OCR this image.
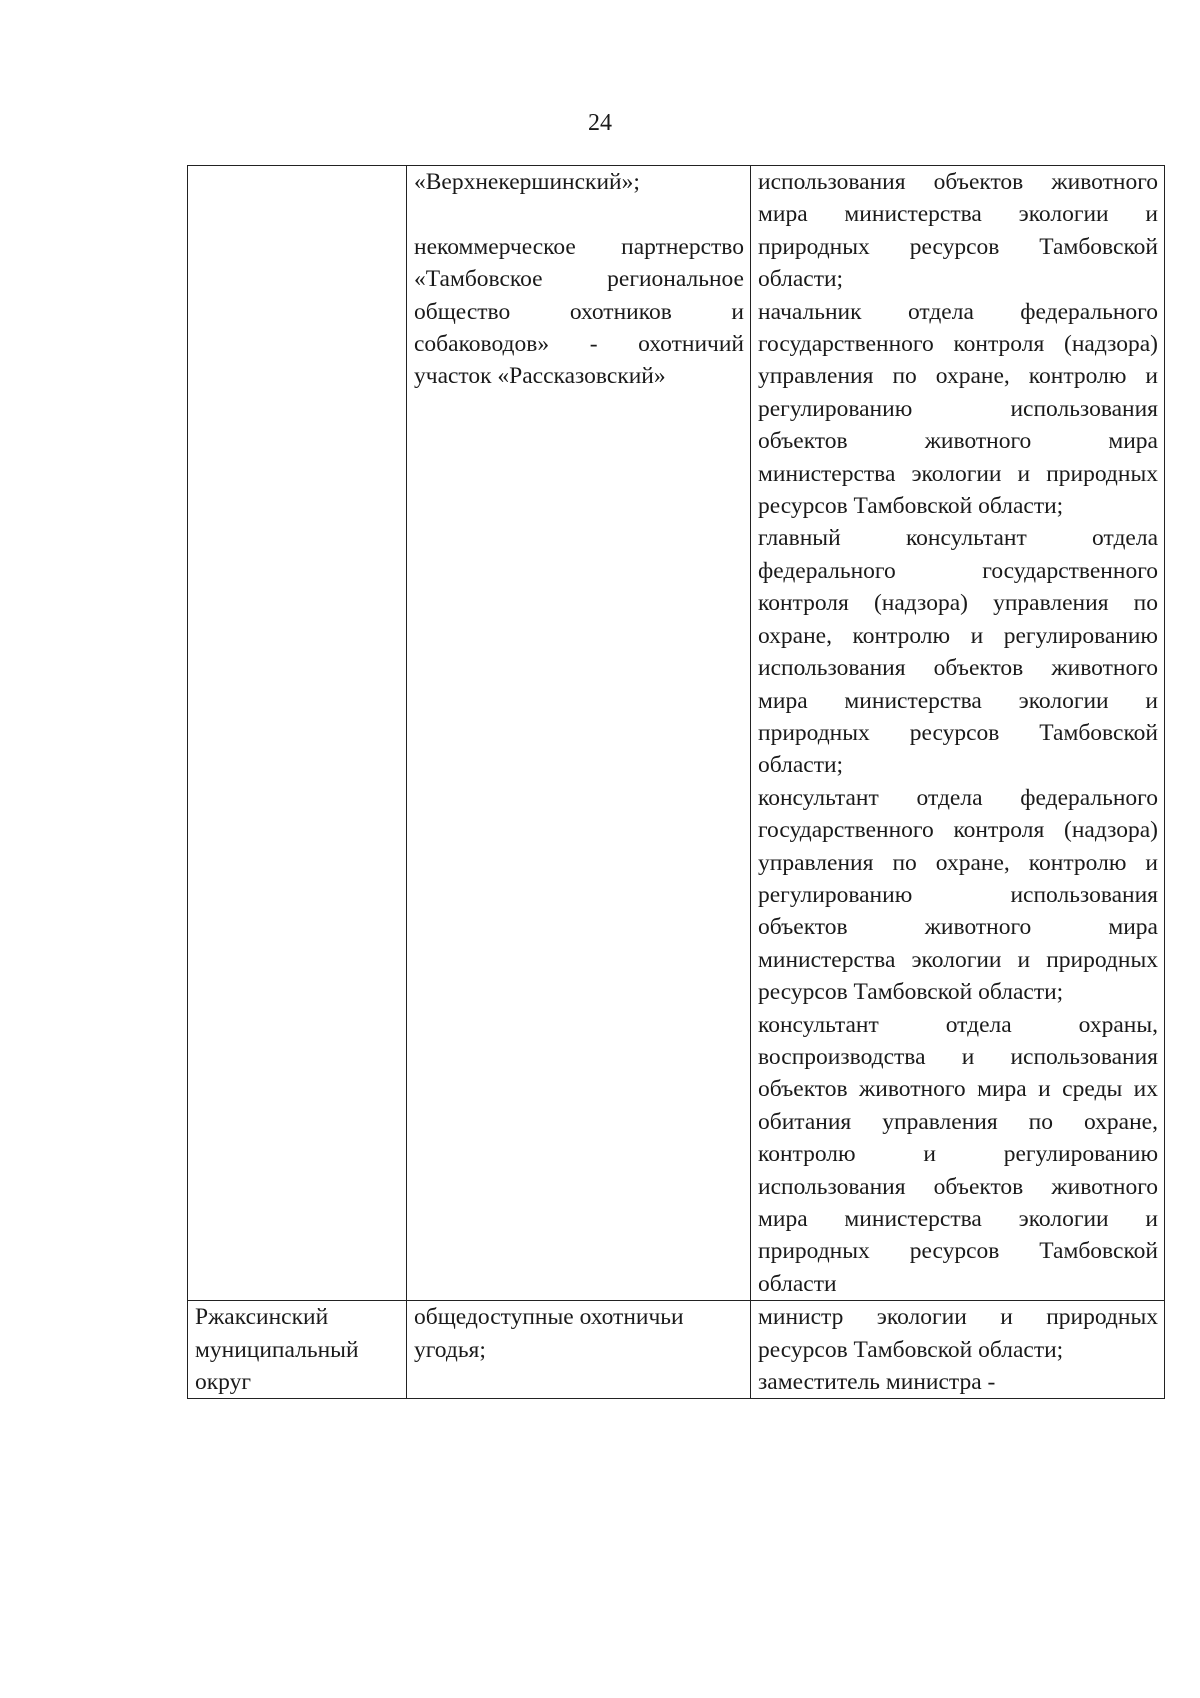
24

	«Верхнекершинский»;

некоммерческое партнерство «Тамбовское региональное общество охотников и собаководов» - охотничий участок «Рассказовский»	использования объектов животного мира министерства экологии и природных ресурсов Тамбовской области;
начальник отдела федерального государственного контроля (надзора) управления по охране, контролю и регулированию использования объектов животного мира министерства экологии и природных ресурсов Тамбовской области;
главный консультант отдела федерального государственного контроля (надзора) управления по охране, контролю и регулированию использования объектов животного мира министерства экологии и природных ресурсов Тамбовской области;
консультант отдела федерального государственного контроля (надзора) управления по охране, контролю и регулированию использования объектов животного мира министерства экологии и природных ресурсов Тамбовской области;
консультант отдела охраны, воспроизводства и использования объектов животного мира и среды их обитания управления по охране, контролю и регулированию использования объектов животного мира министерства экологии и природных ресурсов Тамбовской области

Ржаксинский муниципальный округ	общедоступные охотничьи угодья;	министр экологии и природных ресурсов Тамбовской области;
заместитель министра -
